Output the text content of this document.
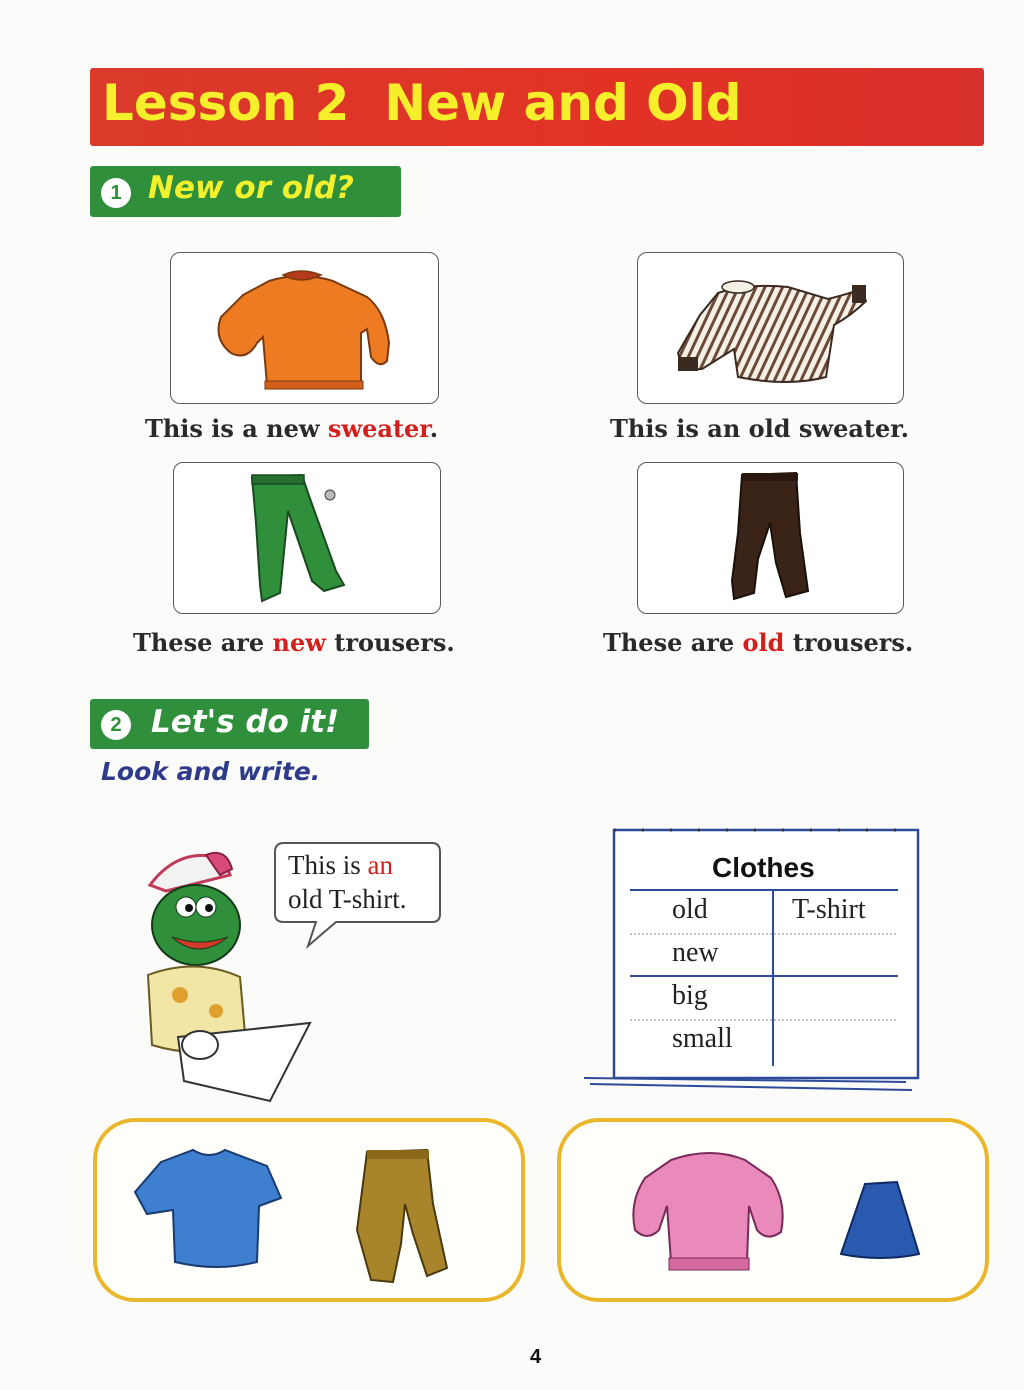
Lesson 2  New and Old
1 New or old?
This is a new sweater.	This is an old sweater.
These are new trousers.	These are old trousers.
2 Let's do it!
Look and write.
This is an
old T-shirt.
Clothes
old	T-shirt
new
big
small
4
